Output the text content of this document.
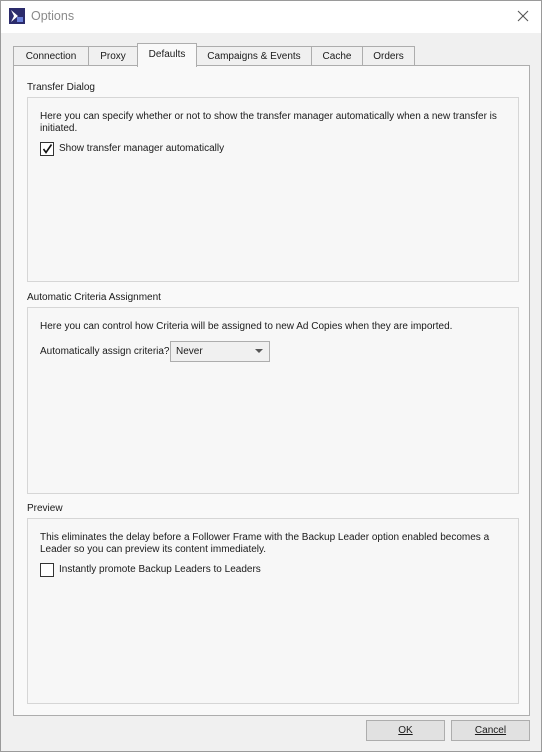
Options
Connection	Proxy	Defaults	Campaigns & Events	Cache	Orders
Transfer Dialog
Here you can specify whether or not to show the transfer manager automatically when a new transfer is initiated.
Show transfer manager automatically
Automatic Criteria Assignment
Here you can control how Criteria will be assigned to new Ad Copies when they are imported.
Automatically assign criteria? Never
Preview
This eliminates the delay before a Follower Frame with the Backup Leader option enabled becomes a Leader so you can preview its content immediately.
Instantly promote Backup Leaders to Leaders
OK	Cancel
